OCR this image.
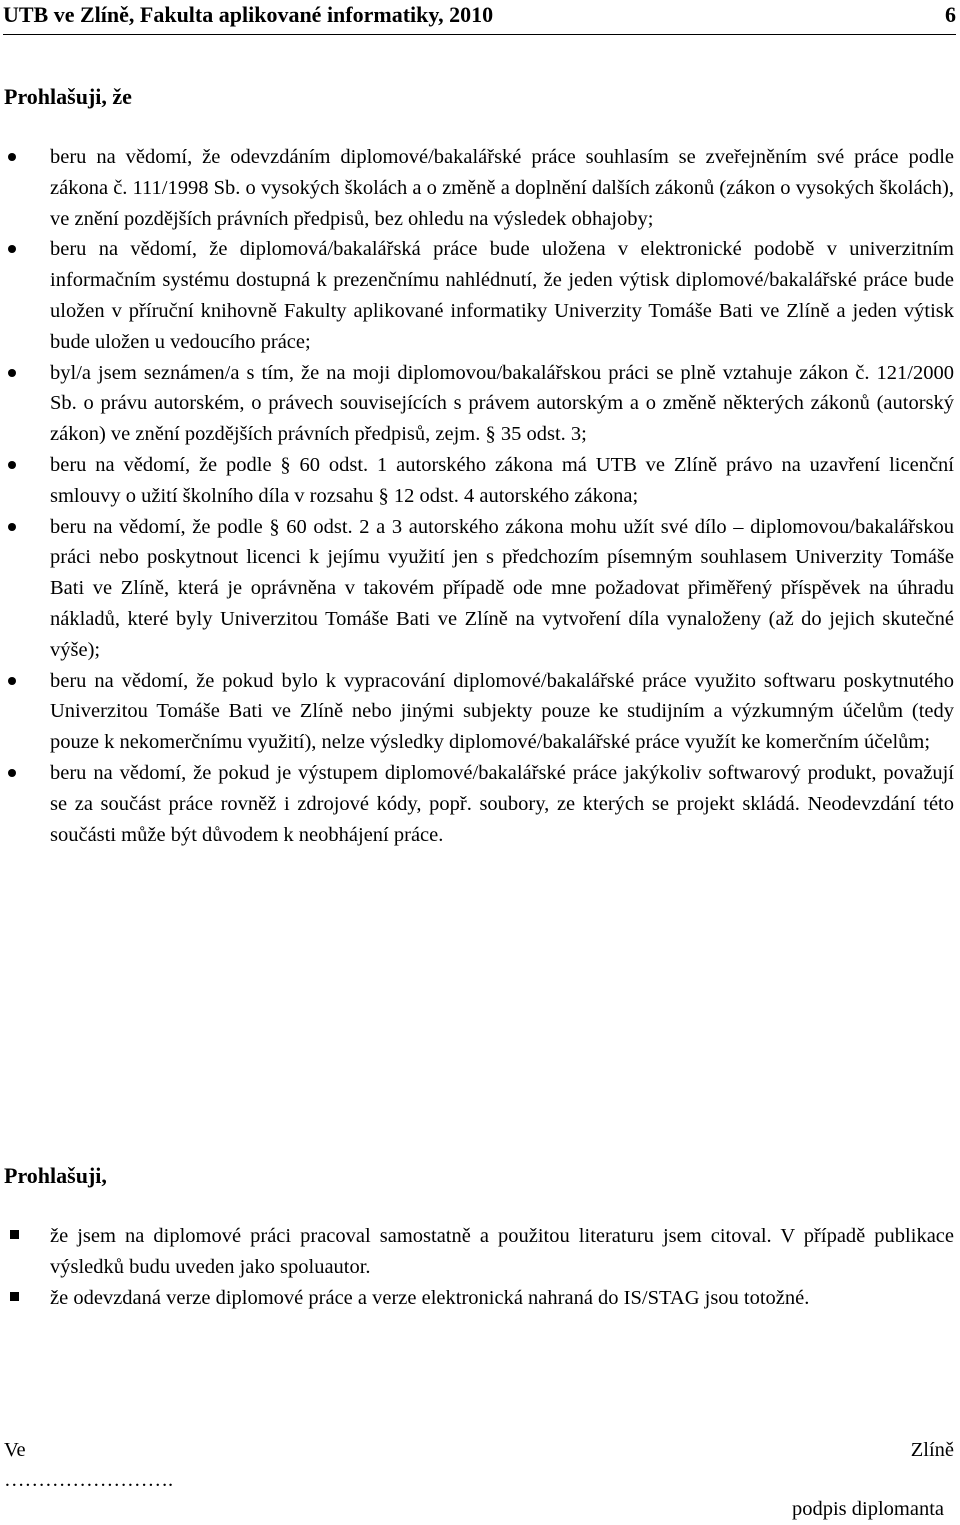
UTB ve Zlíně, Fakulta aplikované informatiky, 2010	6
Prohlašuji, že
beru na vědomí, že odevzdáním diplomové/bakalářské práce souhlasím se zveřejněním své práce podle zákona č. 111/1998 Sb. o vysokých školách a o změně a doplnění dalších zákonů (zákon o vysokých školách), ve znění pozdějších právních předpisů, bez ohledu na výsledek obhajoby;
beru na vědomí, že diplomová/bakalářská práce bude uložena v elektronické podobě v univerzitním informačním systému dostupná k prezenčnímu nahlédnutí, že jeden výtisk diplomové/bakalářské práce bude uložen v příruční knihovně Fakulty aplikované informatiky Univerzity Tomáše Bati ve Zlíně a jeden výtisk bude uložen u vedoucího práce;
byl/a jsem seznámen/a s tím, že na moji diplomovou/bakalářskou práci se plně vztahuje zákon č. 121/2000 Sb. o právu autorském, o právech souvisejících s právem autorským a o změně některých zákonů (autorský zákon) ve znění pozdějších právních předpisů, zejm. § 35 odst. 3;
beru na vědomí, že podle § 60 odst. 1 autorského zákona má UTB ve Zlíně právo na uzavření licenční smlouvy o užití školního díla v rozsahu § 12 odst. 4 autorského zákona;
beru na vědomí, že podle § 60 odst. 2 a 3 autorského zákona mohu užít své dílo – diplomovou/bakalářskou práci nebo poskytnout licenci k jejímu využití jen s předchozím písemným souhlasem Univerzity Tomáše Bati ve Zlíně, která je oprávněna v takovém případě ode mne požadovat přiměřený příspěvek na úhradu nákladů, které byly Univerzitou Tomáše Bati ve Zlíně na vytvoření díla vynaloženy (až do jejich skutečné výše);
beru na vědomí, že pokud bylo k vypracování diplomové/bakalářské práce využito softwaru poskytnutého Univerzitou Tomáše Bati ve Zlíně nebo jinými subjekty pouze ke studijním a výzkumným účelům (tedy pouze k nekomerčnímu využití), nelze výsledky diplomové/bakalářské práce využít ke komerčním účelům;
beru na vědomí, že pokud je výstupem diplomové/bakalářské práce jakýkoliv softwarový produkt, považují se za součást práce rovněž i zdrojové kódy, popř. soubory, ze kterých se projekt skládá. Neodevzdání této součásti může být důvodem k neobhájení práce.
Prohlašuji,
že jsem na diplomové práci pracoval samostatně a použitou literaturu jsem citoval. V případě publikace výsledků budu uveden jako spoluautor.
že odevzdaná verze diplomové práce a verze elektronická nahraná do IS/STAG jsou totožné.
Ve	Zlíně
…………………….
podpis diplomanta
